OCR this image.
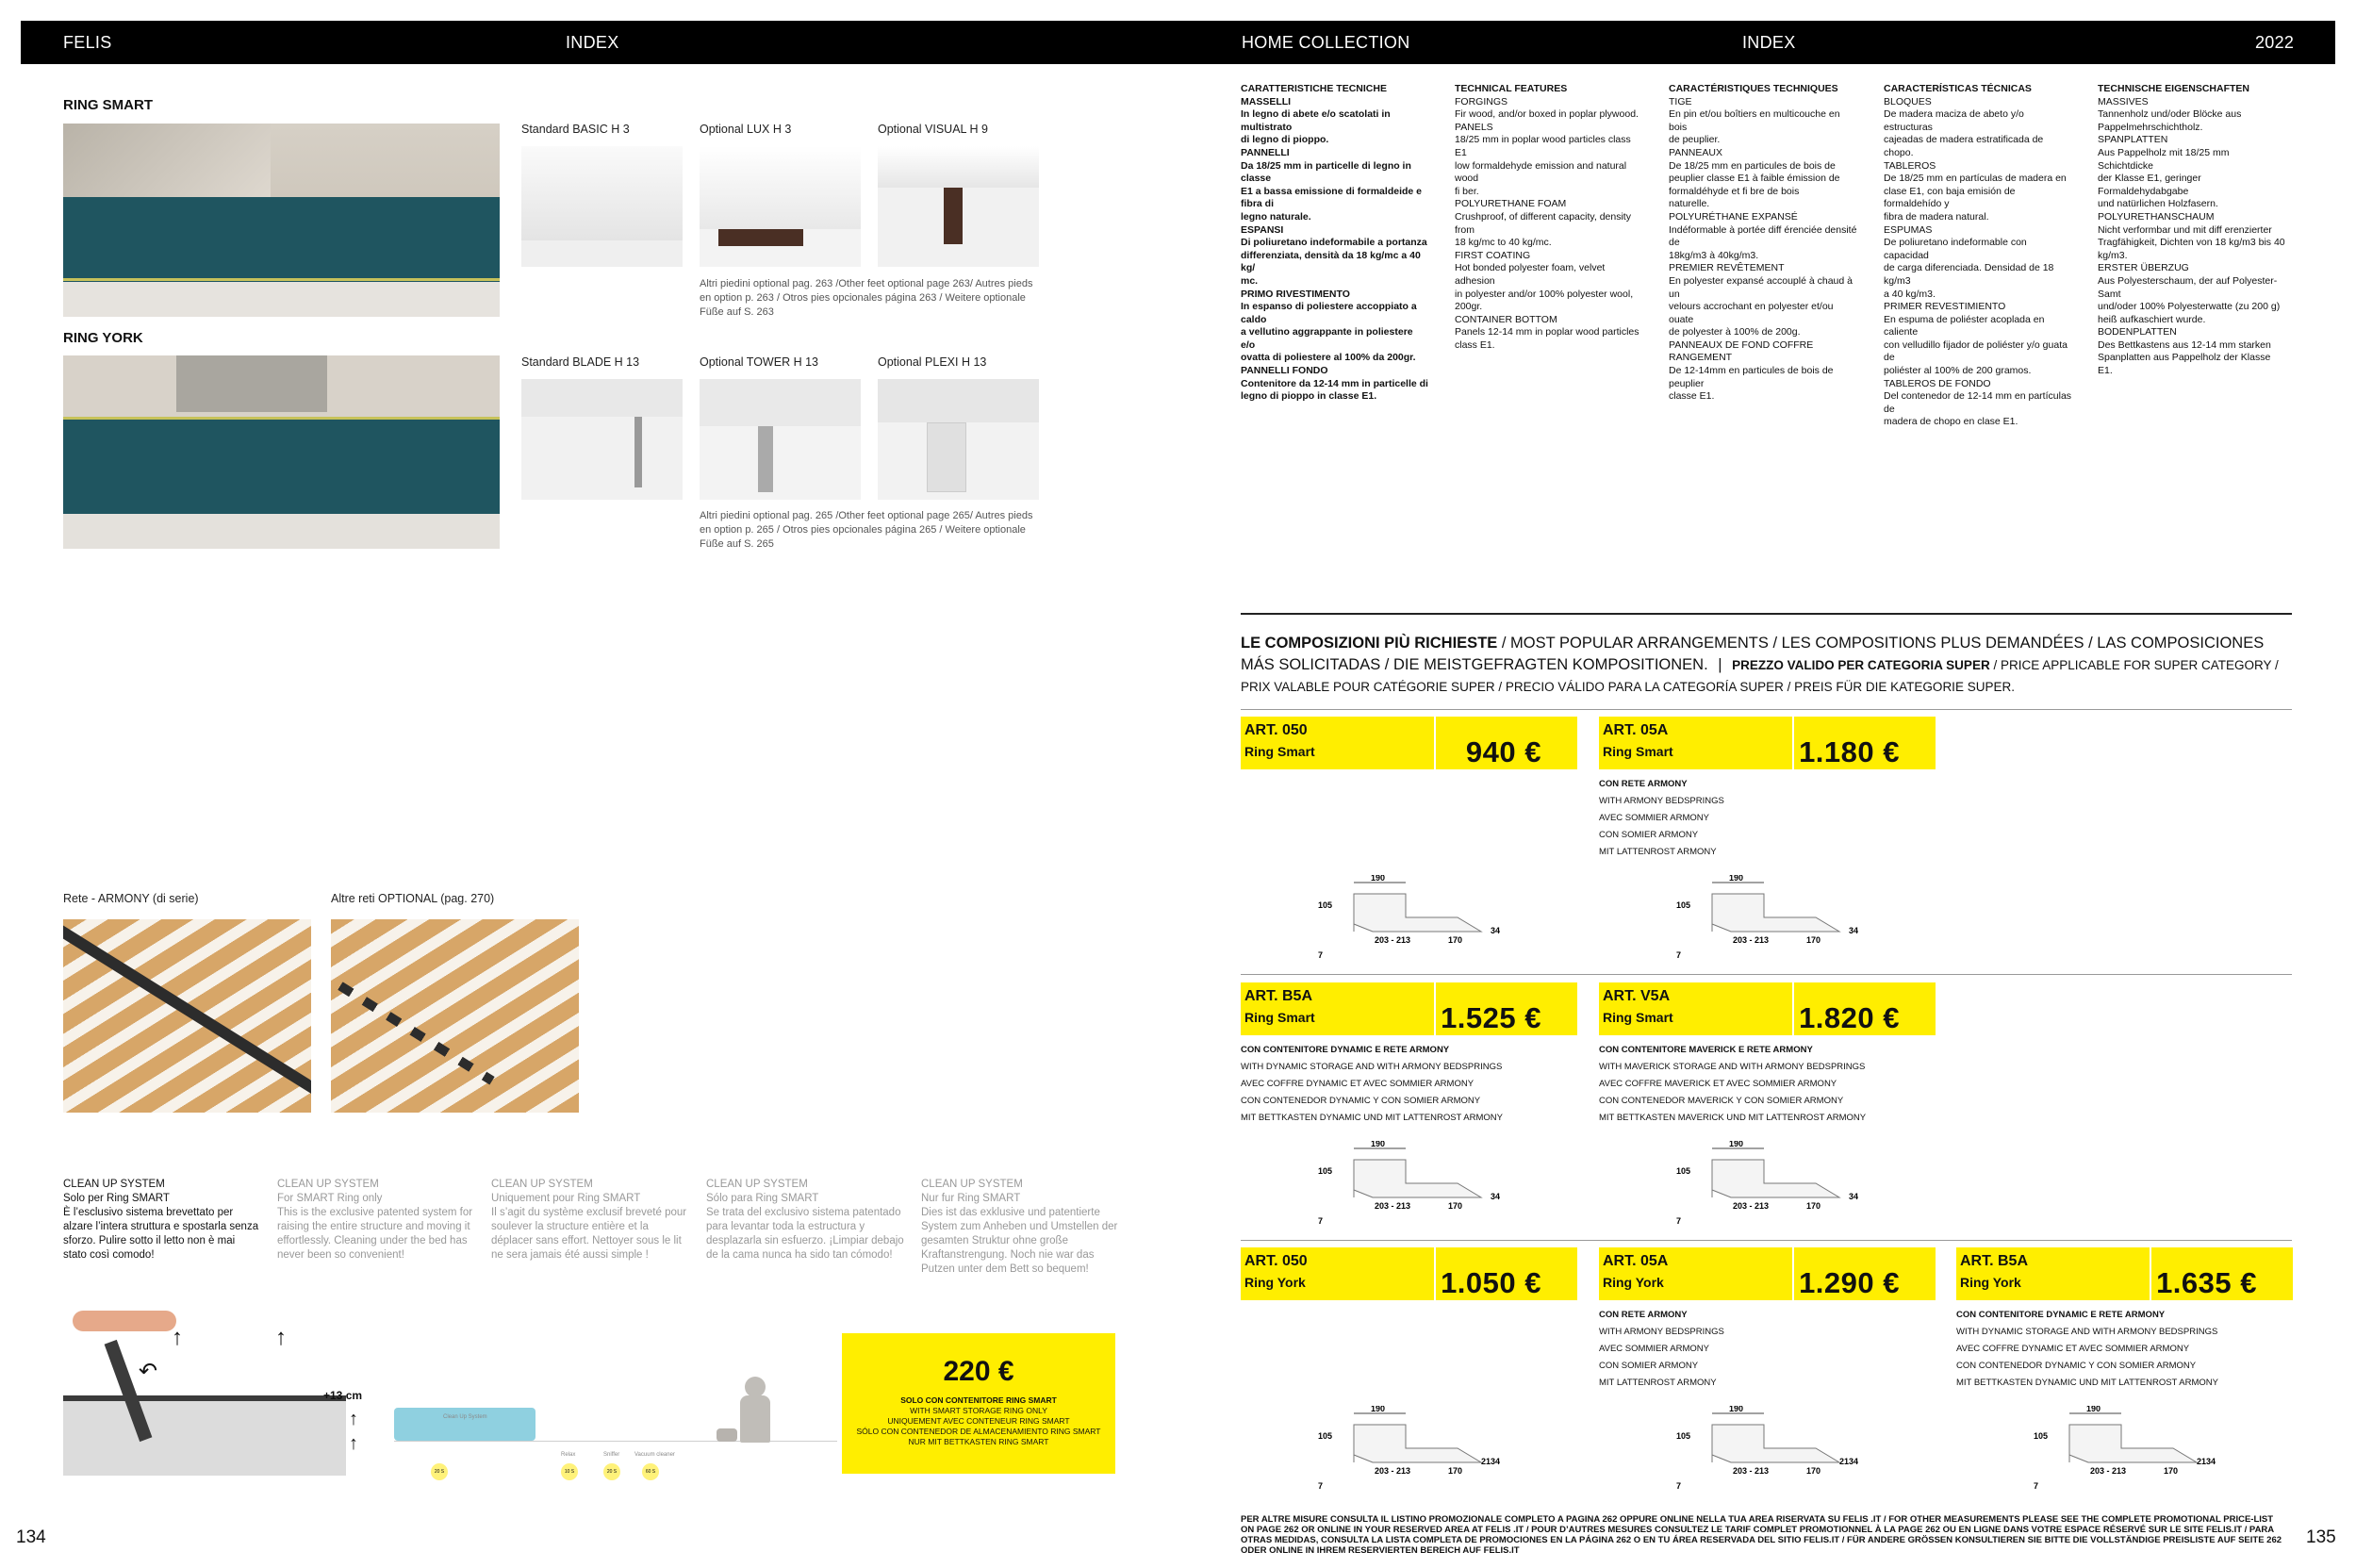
FELIS	INDEX	HOME COLLECTION	INDEX	2022
RING SMART
Standard BASIC H 3	Optional LUX H 3	Optional VISUAL H 9
Altri piedini optional pag. 263 /Other feet optional page 263/ Autres pieds en option p. 263 / Otros pies opcionales página 263 / Weitere optionale Füße auf S. 263
RING YORK
Standard BLADE H 13	Optional TOWER H 13	Optional PLEXI H 13
Altri piedini optional pag. 265 /Other feet optional page 265/ Autres pieds en option p. 265 / Otros pies opcionales página 265 / Weitere optionale Füße auf S. 265
Rete - ARMONY (di serie)	Altre reti OPTIONAL (pag. 270)
CLEAN UP SYSTEM
Solo per Ring SMART
È l’esclusivo sistema brevettato per alzare l’intera struttura e spostarla senza sforzo. Pulire sotto il letto non è mai stato così comodo!
CLEAN UP SYSTEM
For SMART Ring only
This is the exclusive patented system for raising the entire structure and moving it effortlessly. Cleaning under the bed has never been so convenient!
CLEAN UP SYSTEM
Uniquement pour Ring SMART
Il s’agit du système exclusif breveté pour soulever la structure entière et la déplacer sans effort. Nettoyer sous le lit ne sera jamais été aussi simple !
CLEAN UP SYSTEM
Sólo para Ring SMART
Se trata del exclusivo sistema patentado para levantar toda la estructura y desplazarla sin esfuerzo. ¡Limpiar debajo de la cama nunca ha sido tan cómodo!
CLEAN UP SYSTEM
Nur fur Ring SMART
Dies ist das exklusive und patentierte System zum Anheben und Umstellen der gesamten Struktur ohne große Kraftanstrengung. Noch nie war das Putzen unter dem Bett so bequem!
↑
↑
↶
+13 cm
↑
↑
Clean Up System
Relax	Sniffer	Vacuum cleaner
20 S	10 S	20 S	60 S
220 €
SOLO CON CONTENITORE RING SMART
WITH SMART STORAGE RING ONLY
UNIQUEMENT AVEC CONTENEUR RING SMART
SÓLO CON CONTENEDOR DE ALMACENAMIENTO RING SMART
NUR MIT BETTKASTEN RING SMART

CARATTERISTICHE TECNICHE

MASSELLI

In legno di abete e/o scatolati in multistrato

di legno di pioppo.

PANNELLI

Da 18/25 mm in particelle di legno in classe

E1 a bassa emissione di formaldeide e fibra di

legno naturale.

ESPANSI

Di poliuretano indeformabile a portanza

differenziata, densità da 18 kg/mc a 40 kg/

mc.

PRIMO RIVESTIMENTO

In espanso di poliestere accoppiato a caldo

a vellutino aggrappante in poliestere e/o

ovatta di poliestere al 100% da 200gr.

PANNELLI FONDO

Contenitore da 12-14 mm in particelle di

legno di pioppo in classe E1.

TECHNICAL FEATURES

FORGINGS

Fir wood, and/or boxed in poplar plywood.

PANELS

18/25 mm in poplar wood particles class E1

low formaldehyde emission and natural wood

fi ber.

POLYURETHANE FOAM

Crushproof, of different capacity, density from

18 kg/mc to 40 kg/mc.

FIRST COATING

Hot bonded polyester foam, velvet adhesion

in polyester and/or 100% polyester wool,

200gr.

CONTAINER BOTTOM

Panels 12-14 mm in poplar wood particles

class E1.

CARACTÉRISTIQUES TECHNIQUES

TIGE

En pin et/ou boîtiers en multicouche en bois

de peuplier.

PANNEAUX

De 18/25 mm en particules de bois de

peuplier classe E1 à faible émission de

formaldéhyde et fi bre de bois

naturelle.

POLYURÉTHANE EXPANSÉ

Indéformable à portée diff érenciée densité de

18kg/m3 à 40kg/m3.

PREMIER REVÊTEMENT

En polyester expansé accouplé à chaud à un

velours accrochant en polyester et/ou ouate

de polyester à 100% de 200g.

PANNEAUX DE FOND COFFRE RANGEMENT

De 12-14mm en particules de bois de peuplier

classe E1.

CARACTERÍSTICAS TÉCNICAS

BLOQUES

De madera maciza de abeto y/o estructuras

cajeadas de madera estratificada de chopo.

TABLEROS

De 18/25 mm en partículas de madera en

clase E1, con baja emisión de formaldehído y

fibra de madera natural.

ESPUMAS

De poliuretano indeformable con capacidad

de carga diferenciada. Densidad de 18 kg/m3

a 40 kg/m3.

PRIMER REVESTIMIENTO

En espuma de poliéster acoplada en caliente

con velludillo fijador de poliéster y/o guata de

poliéster al 100% de 200 gramos.

TABLEROS DE FONDO

Del contenedor de 12-14 mm en partículas de

madera de chopo en clase E1.

TECHNISCHE EIGENSCHAFTEN

MASSIVES

Tannenholz und/oder Blöcke aus

Pappelmehrschichtholz.

SPANPLATTEN

Aus Pappelholz mit 18/25 mm Schichtdicke

der Klasse E1, geringer Formaldehydabgabe

und natürlichen Holzfasern.

POLYURETHANSCHAUM

Nicht verformbar und mit diff erenzierter

Tragfähigkeit, Dichten von 18 kg/m3 bis 40

kg/m3.

ERSTER ÜBERZUG

Aus Polyesterschaum, der auf Polyester-Samt

und/oder 100% Polyesterwatte (zu 200 g)

heiß aufkaschiert wurde.

BODENPLATTEN

Des Bettkastens aus 12-14 mm starken

Spanplatten aus Pappelholz der Klasse E1.

LE COMPOSIZIONI PIÙ RICHIESTE / MOST POPULAR ARRANGEMENTS / LES COMPOSITIONS PLUS DEMANDÉES / LAS COMPOSICIONES MÁS SOLICITADAS / DIE MEISTGEFRAGTEN KOMPOSITIONEN. | PREZZO VALIDO PER CATEGORIA SUPER / PRICE APPLICABLE FOR SUPER CATEGORY / PRIX VALABLE POUR CATÉGORIE SUPER / PRECIO VÁLIDO PARA LA CATEGORÍA SUPER / PREIS FÜR DIE KATEGORIE SUPER.
ART. 050
Ring Smart	940 €
190
105
203 - 213	170
34
7
ART. 05A
Ring Smart	1.180 €
CON RETE ARMONY
WITH ARMONY BEDSPRINGS
AVEC SOMMIER ARMONY
CON SOMIER ARMONY
MIT LATTENROST ARMONY
190
105
203 - 213	170
34
7
ART. B5A
Ring Smart	1.525 €
CON CONTENITORE DYNAMIC E RETE ARMONY
WITH DYNAMIC STORAGE AND WITH ARMONY BEDSPRINGS
AVEC COFFRE DYNAMIC ET AVEC SOMMIER ARMONY
CON CONTENEDOR DYNAMIC Y CON SOMIER ARMONY
MIT BETTKASTEN DYNAMIC UND MIT LATTENROST ARMONY
190
105
203 - 213	170
34
7
ART. V5A
Ring Smart	1.820 €
CON CONTENITORE MAVERICK E RETE ARMONY
WITH MAVERICK STORAGE AND WITH ARMONY BEDSPRINGS
AVEC COFFRE MAVERICK ET AVEC SOMMIER ARMONY
CON CONTENEDOR MAVERICK Y CON SOMIER ARMONY
MIT BETTKASTEN MAVERICK UND MIT LATTENROST ARMONY
190
105
203 - 213	170
34
7
ART. 050
Ring York	1.050 €
190
105
203 - 213	170
34
7
21
ART. 05A
Ring York	1.290 €
CON RETE ARMONY
WITH ARMONY BEDSPRINGS
AVEC SOMMIER ARMONY
CON SOMIER ARMONY
MIT LATTENROST ARMONY
190
105
203 - 213	170
34
7
21
ART. B5A
Ring York	1.635 €
CON CONTENITORE DYNAMIC E RETE ARMONY
WITH DYNAMIC STORAGE AND WITH ARMONY BEDSPRINGS
AVEC COFFRE DYNAMIC ET AVEC SOMMIER ARMONY
CON CONTENEDOR DYNAMIC Y CON SOMIER ARMONY
MIT BETTKASTEN DYNAMIC UND MIT LATTENROST ARMONY
190
105
203 - 213	170
34
7
21
PER ALTRE MISURE CONSULTA IL LISTINO PROMOZIONALE COMPLETO A PAGINA 262 OPPURE ONLINE NELLA TUA AREA RISERVATA SU FELIS .IT / FOR OTHER MEASUREMENTS PLEASE SEE THE COMPLETE PROMOTIONAL PRICE-LIST ON PAGE 262 OR ONLINE IN YOUR RESERVED AREA AT FELIS .IT / POUR D’AUTRES MESURES CONSULTEZ LE TARIF COMPLET PROMOTIONNEL À LA PAGE 262 OU EN LIGNE DANS VOTRE ESPACE RÉSERVÉ SUR LE SITE FELIS.IT / PARA OTRAS MEDIDAS, CONSULTA LA LISTA COMPLETA DE PROMOCIONES EN LA PÁGINA 262 O EN TU ÁREA RESERVADA DEL SITIO FELIS.IT / FÜR ANDERE GRÖSSEN KONSULTIEREN SIE BITTE DIE VOLLSTÄNDIGE PREISLISTE AUF SEITE 262 ODER ONLINE IN IHREM RESERVIERTEN BEREICH AUF FELIS.IT
134	135
